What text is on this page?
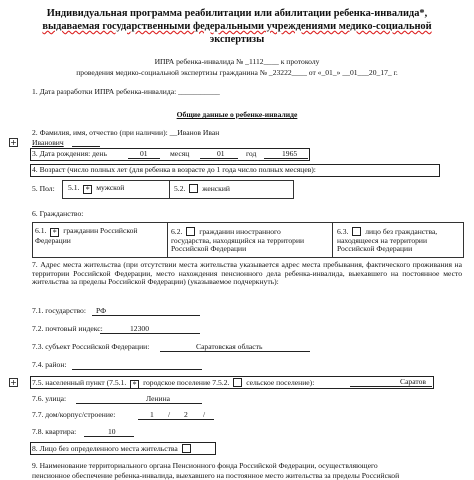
Индивидуальная программа реабилитации или абилитации ребенка-инвалида*,
выдаваемая государственными федеральными учреждениями медико-социальной
экспертизы
ИПРА ребенка-инвалида № _1112____ к протоколу
проведения медико-социальной экспертизы гражданина № _23222____ от «_01_» __01___20_17_ г.
1. Дата разработки ИПРА ребенка-инвалида: ___________
Общие данные о ребенке-инвалиде
2. Фамилия, имя, отчество (при наличии): __Иванов Иван
+ Иванович
3. Дата рождения: день	01	месяц	01	год	1965
4. Возраст (число полных лет (для ребенка в возрасте до 1 года число полных месяцев):
5. Пол: 5.1. * мужской	5.2. женский
6. Гражданство:
6.1. * гражданин Российской
Федерации
6.2. гражданин иностранного
государства, находящийся на территории
Российской Федерации
6.3. лицо без гражданства,
находящееся на территории Российской Федерации
7. Адрес места жительства (при отсутствии места жительства указывается адрес места пребывания, фактического проживания на территории Российской Федерации, место нахождения пенсионного дела ребенка-инвалида, выехавшего на постоянное место жительства за пределы Российской Федерации) (указываемое подчеркнуть):
7.1. государство: РФ
7.2. почтовый индекс:	12300
7.3. субъект Российской Федерации:	Саратовская область
7.4. район:
+ 7.5. населенный пункт (7.5.1. * городское поселение 7.5.2. сельское поселение):	Саратов
7.6. улица:	Ленина
7.7. дом/корпус/строение:	1 / 2 /
7.8. квартира:	10
8. Лицо без определенного места жительства
9. Наименование территориального органа Пенсионного фонда Российской Федерации, осуществляющего
пенсионное обеспечение ребенка-инвалида, выехавшего на постоянное место жительства за пределы Российской
